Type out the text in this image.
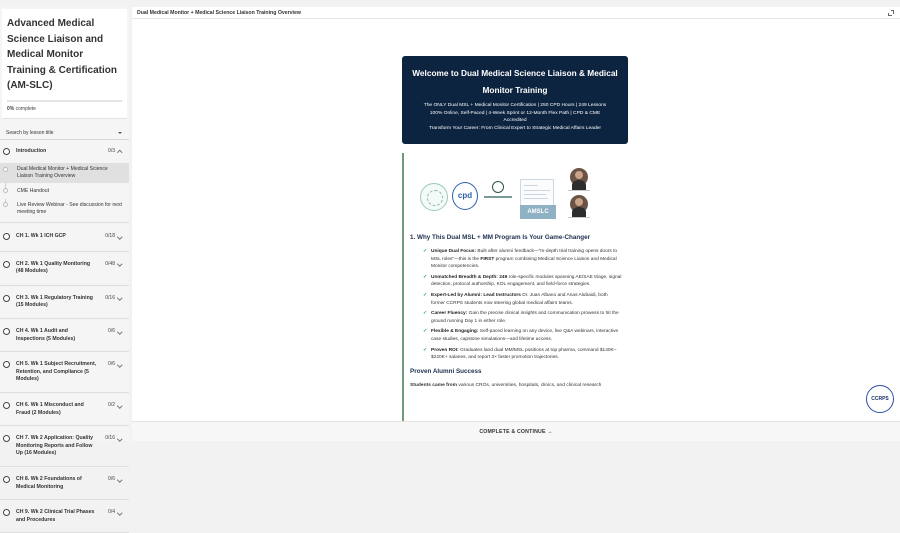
Advanced Medical Science Liaison and Medical Monitor Training & Certification (AM-SLC)
0% complete
Search by lesson title
Introduction	0/3
Dual Medical Monitor + Medical Science Liaison Training Overview
CME Handout
Live Review Webinar - See discussion for next meeting time
CH 1. Wk 1 ICH GCP	0/18
CH 2. Wk 1 Quality Monitoring (48 Modules)
0/48
CH 3. Wk 1 Regulatory Training (15 Modules)
0/16
CH 4. Wk 1 Audit and Inspections (5 Modules)
0/6
CH 5. Wk 1 Subject Recruitment, Retention, and Compliance (5 Modules)
0/6
CH 6. Wk 1 Misconduct and Fraud (2 Modules)
0/2
CH 7. Wk 2 Application: Quality Monitoring Reports and Follow Up (16 Modules)
0/16
CH 8. Wk 2 Foundations of Medical Monitoring
0/6
CH 9. Wk 2 Clinical Trial Phases and Procedures
0/4
Dual Medical Monitor + Medical Science Liaison Training Overview
Welcome to Dual Medical Science Liaison & Medical
Monitor Training
The ONLY Dual MSL + Medical Monitor Certification | 250 CPD Hours | 249 Lessons
100% Online, Self-Paced | 4-Week Sprint or 12-Month Flex Path | CPD & CME
Accredited
Transform Your Career: From Clinical Expert to Strategic Medical Affairs Leader
cpd
AMSLC
1. Why This Dual MSL + MM Program Is Your Game-Changer
✓ Unique Dual Focus: Built after alumni feedback—“In-depth trial training opens doors to MSL roles”—this is the FIRST program combining Medical Science Liaison and Medical Monitor competencies.
✓ Unmatched Breadth & Depth: 249 role-specific modules spanning AE/SAE triage, signal detection, protocol authorship, KOL engagement, and field-force strategies.
✓ Expert-Led by Alumni: Lead Instructors Dr. Juan Albano and Anas Alubaidi, both former CCRPS students now steering global medical affairs teams.
✓ Career Fluency: Gain the precise clinical insights and communication prowess to hit the ground running Day 1 in either role.
✓ Flexible & Engaging: Self-paced learning on any device, live Q&A webinars, interactive case studies, capstone simulations—and lifetime access.
✓ Proven ROI: Graduates land dual MM/MSL positions at top pharma, command $140K–$220K+ salaries, and report 3× faster promotion trajectories.
Proven Alumni Success
Students came from various CROs, universities, hospitals, clinics, and clinical research
COMPLETE & CONTINUE →
CCRPS
